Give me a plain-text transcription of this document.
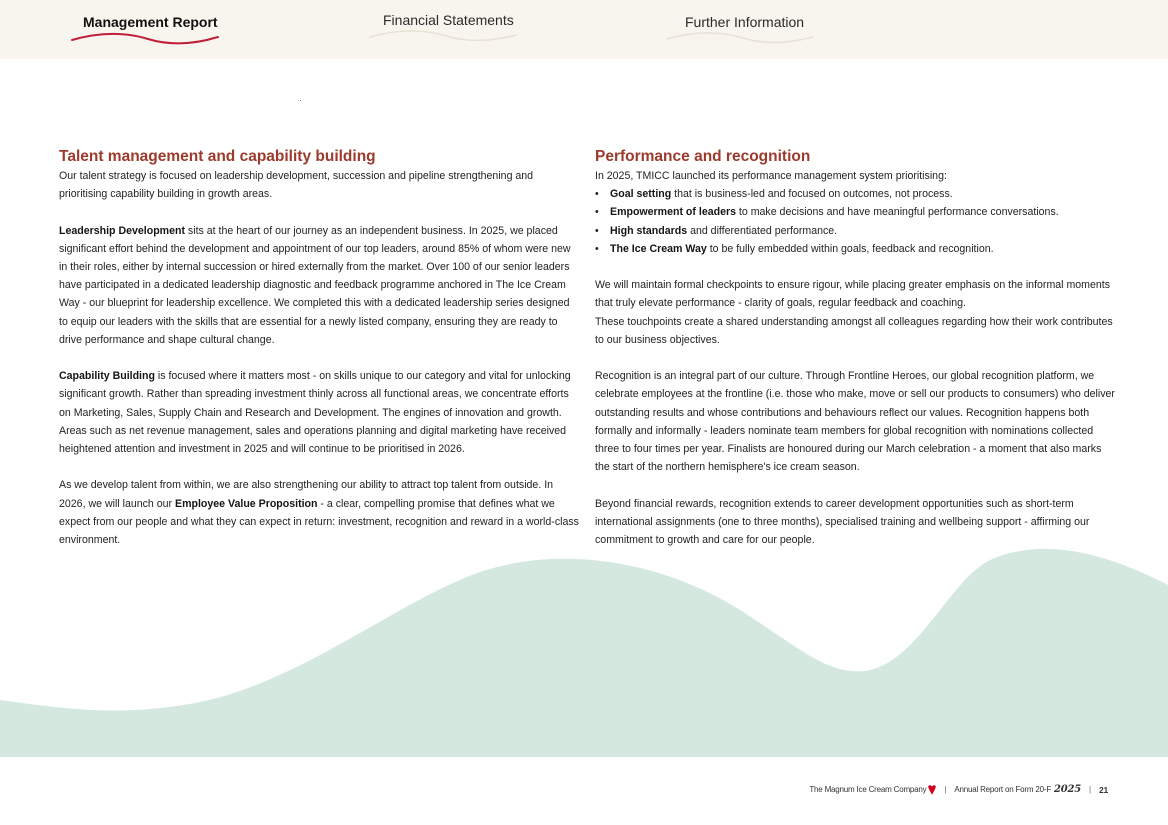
Management Report	Financial Statements	Further Information
Talent management and capability building

Our talent strategy is focused on leadership development, succession and pipeline strengthening and prioritising capability building in growth areas.

Leadership Development sits at the heart of our journey as an independent business. In 2025, we placed significant effort behind the development and appointment of our top leaders, around 85% of whom were new in their roles, either by internal succession or hired externally from the market. Over 100 of our senior leaders have participated in a dedicated leadership diagnostic and feedback programme anchored in The Ice Cream Way - our blueprint for leadership excellence. We completed this with a dedicated leadership series designed to equip our leaders with the skills that are essential for a newly listed company, ensuring they are ready to drive performance and shape cultural change.

Capability Building is focused where it matters most - on skills unique to our category and vital for unlocking significant growth. Rather than spreading investment thinly across all functional areas, we concentrate efforts on Marketing, Sales, Supply Chain and Research and Development. The engines of innovation and growth. Areas such as net revenue management, sales and operations planning and digital marketing have received heightened attention and investment in 2025 and will continue to be prioritised in 2026.

As we develop talent from within, we are also strengthening our ability to attract top talent from outside. In 2026, we will launch our Employee Value Proposition - a clear, compelling promise that defines what we expect from our people and what they can expect in return: investment, recognition and reward in a world-class environment.

Performance and recognition
In 2025, TMICC launched its performance management system prioritising:
• Goal setting that is business-led and focused on outcomes, not process.
• Empowerment of leaders to make decisions and have meaningful performance conversations.
• High standards and differentiated performance.
• The Ice Cream Way to be fully embedded within goals, feedback and recognition.

We will maintain formal checkpoints to ensure rigour, while placing greater emphasis on the informal moments that truly elevate performance - clarity of goals, regular feedback and coaching.
These touchpoints create a shared understanding amongst all colleagues regarding how their work contributes to our business objectives.

Recognition is an integral part of our culture. Through Frontline Heroes, our global recognition platform, we celebrate employees at the frontline (i.e. those who make, move or sell our products to consumers) who deliver outstanding results and whose contributions and behaviours reflect our values. Recognition happens both formally and informally - leaders nominate team members for global recognition with nominations collected three to four times per year. Finalists are honoured during our March celebration - a moment that also marks the start of the northern hemisphere's ice cream season.

Beyond financial rewards, recognition extends to career development opportunities such as short-term international assignments (one to three months), specialised training and wellbeing support - affirming our commitment to growth and care for our people.

The Magnum Ice Cream Company | Annual Report on Form 20-F 2025 | 21
